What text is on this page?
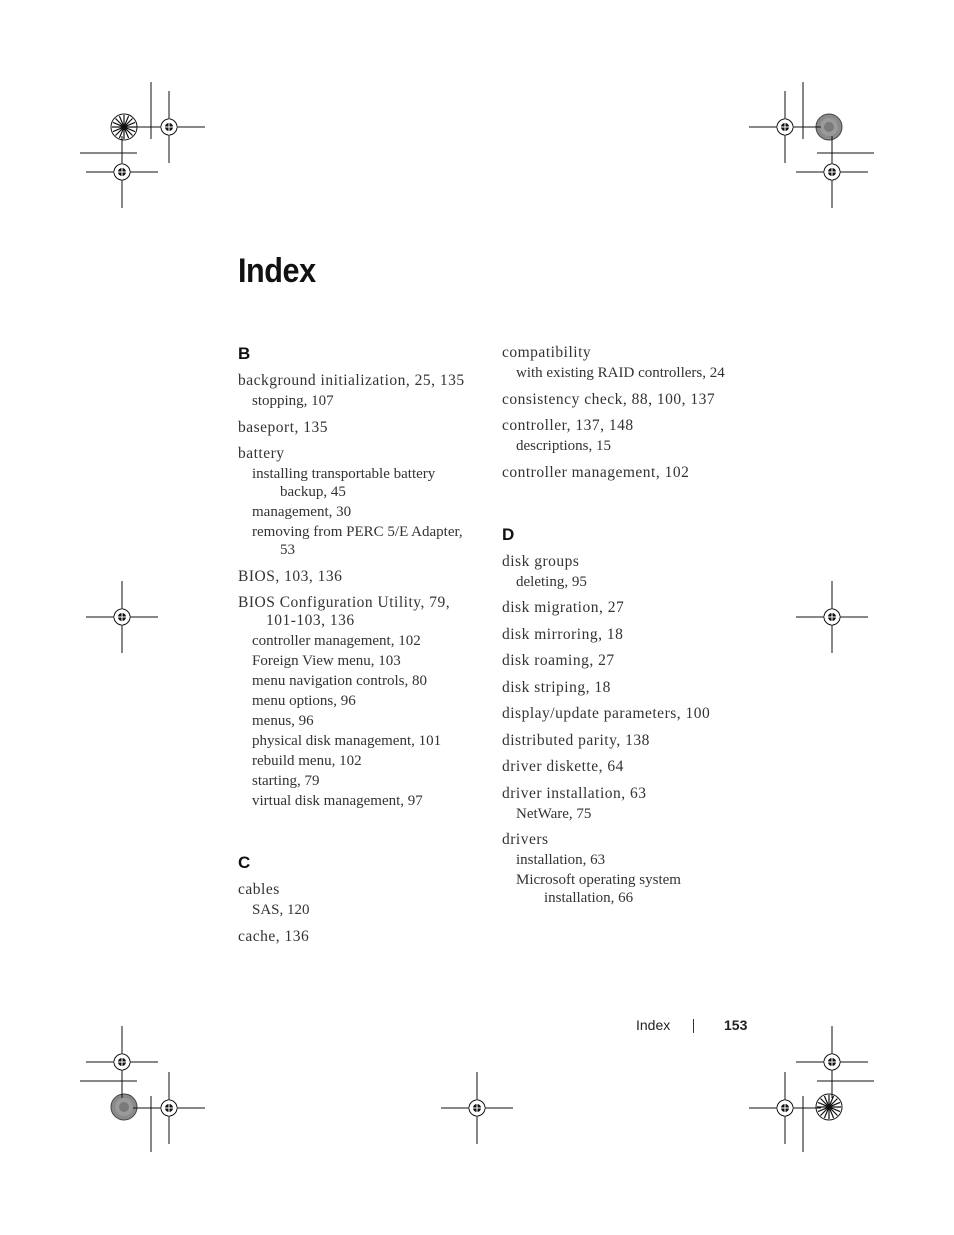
Index
B
background initialization, 25, 135
stopping, 107
baseport, 135
battery
installing transportable battery backup, 45
management, 30
removing from PERC 5/E Adapter, 53
BIOS, 103, 136
BIOS Configuration Utility, 79, 101-103, 136
controller management, 102
Foreign View menu, 103
menu navigation controls, 80
menu options, 96
menus, 96
physical disk management, 101
rebuild menu, 102
starting, 79
virtual disk management, 97
C
cables
SAS, 120
cache, 136
compatibility
with existing RAID controllers, 24
consistency check, 88, 100, 137
controller, 137, 148
descriptions, 15
controller management, 102
D
disk groups
deleting, 95
disk migration, 27
disk mirroring, 18
disk roaming, 27
disk striping, 18
display/update parameters, 100
distributed parity, 138
driver diskette, 64
driver installation, 63
NetWare, 75
drivers
installation, 63
Microsoft operating system installation, 66
Index	153
